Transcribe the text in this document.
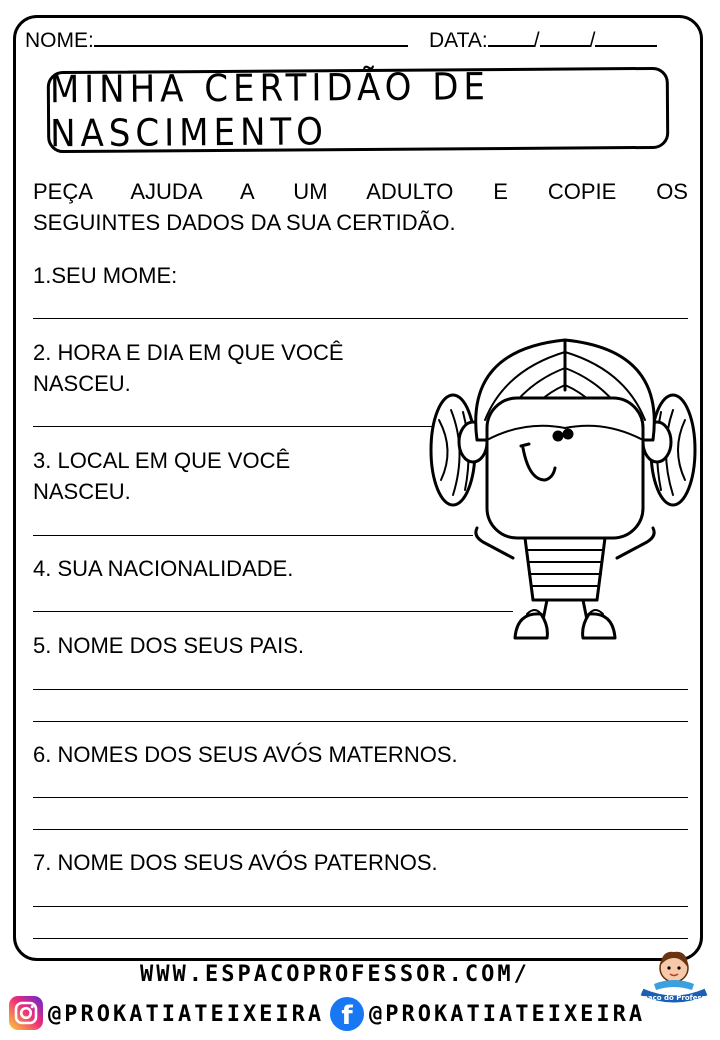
NOME:	DATA: / /
MINHA CERTIDÃO DE NASCIMENTO
PEÇA AJUDA A UM ADULTO E COPIE OS
SEGUINTES DADOS DA SUA CERTIDÃO.
1.SEU MOME:
2. HORA E DIA EM QUE VOCÊ
NASCEU.
3. LOCAL EM QUE VOCÊ
NASCEU.
4. SUA NACIONALIDADE.
5. NOME DOS SEUS PAIS.
6. NOMES DOS SEUS AVÓS MATERNOS.
7. NOME DOS SEUS AVÓS PATERNOS.
WWW.ESPACOPROFESSOR.COM/
@PROKATIATEIXEIRA f @PROKATIATEIXEIRA
Espaço do Professor
